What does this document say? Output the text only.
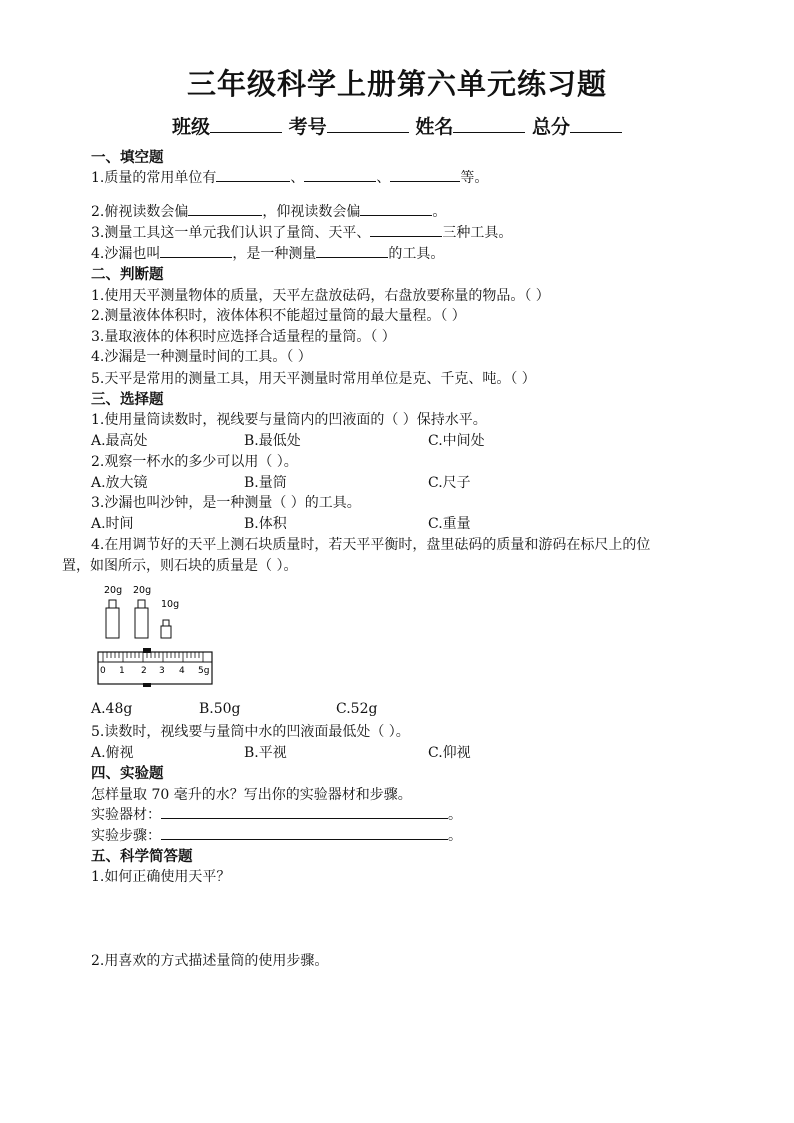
三年级科学上册第六单元练习题
班级	考号	姓名	总分
一、填空题
1.质量的常用单位有	、	、	等。
2.俯视读数会偏	，仰视读数会偏	。
3.测量工具这一单元我们认识了量筒、天平、	三种工具。
4.沙漏也叫	，是一种测量	的工具。
二、判断题
1.使用天平测量物体的质量，天平左盘放砝码，右盘放要称量的物品。（ ）
2.测量液体体积时，液体体积不能超过量筒的最大量程。（ ）
3.量取液体的体积时应选择合适量程的量筒。（ ）
4.沙漏是一种测量时间的工具。（ ）
5.天平是常用的测量工具，用天平测量时常用单位是克、千克、吨。（ ）
三、选择题
1.使用量筒读数时，视线要与量筒内的凹液面的（ ）保持水平。
A.最高处	B.最低处	C.中间处
2.观察一杯水的多少可以用（ ）。
A.放大镜	B.量筒	C.尺子
3.沙漏也叫沙钟，是一种测量（ ）的工具。
A.时间	B.体积	C.重量
4.在用调节好的天平上测石块质量时，若天平平衡时，盘里砝码的质量和游码在标尺上的位
置，如图所示，则石块的质量是（ ）。
20g 20g
10g
0 1 2 3 4 5g
A.48g	B.50g	C.52g
5.读数时，视线要与量筒中水的凹液面最低处（ ）。
A.俯视	B.平视	C.仰视
四、实验题
怎样量取 70 毫升的水？写出你的实验器材和步骤。
实验器材：	。
实验步骤：	。
五、科学简答题
1.如何正确使用天平？
2.用喜欢的方式描述量筒的使用步骤。
